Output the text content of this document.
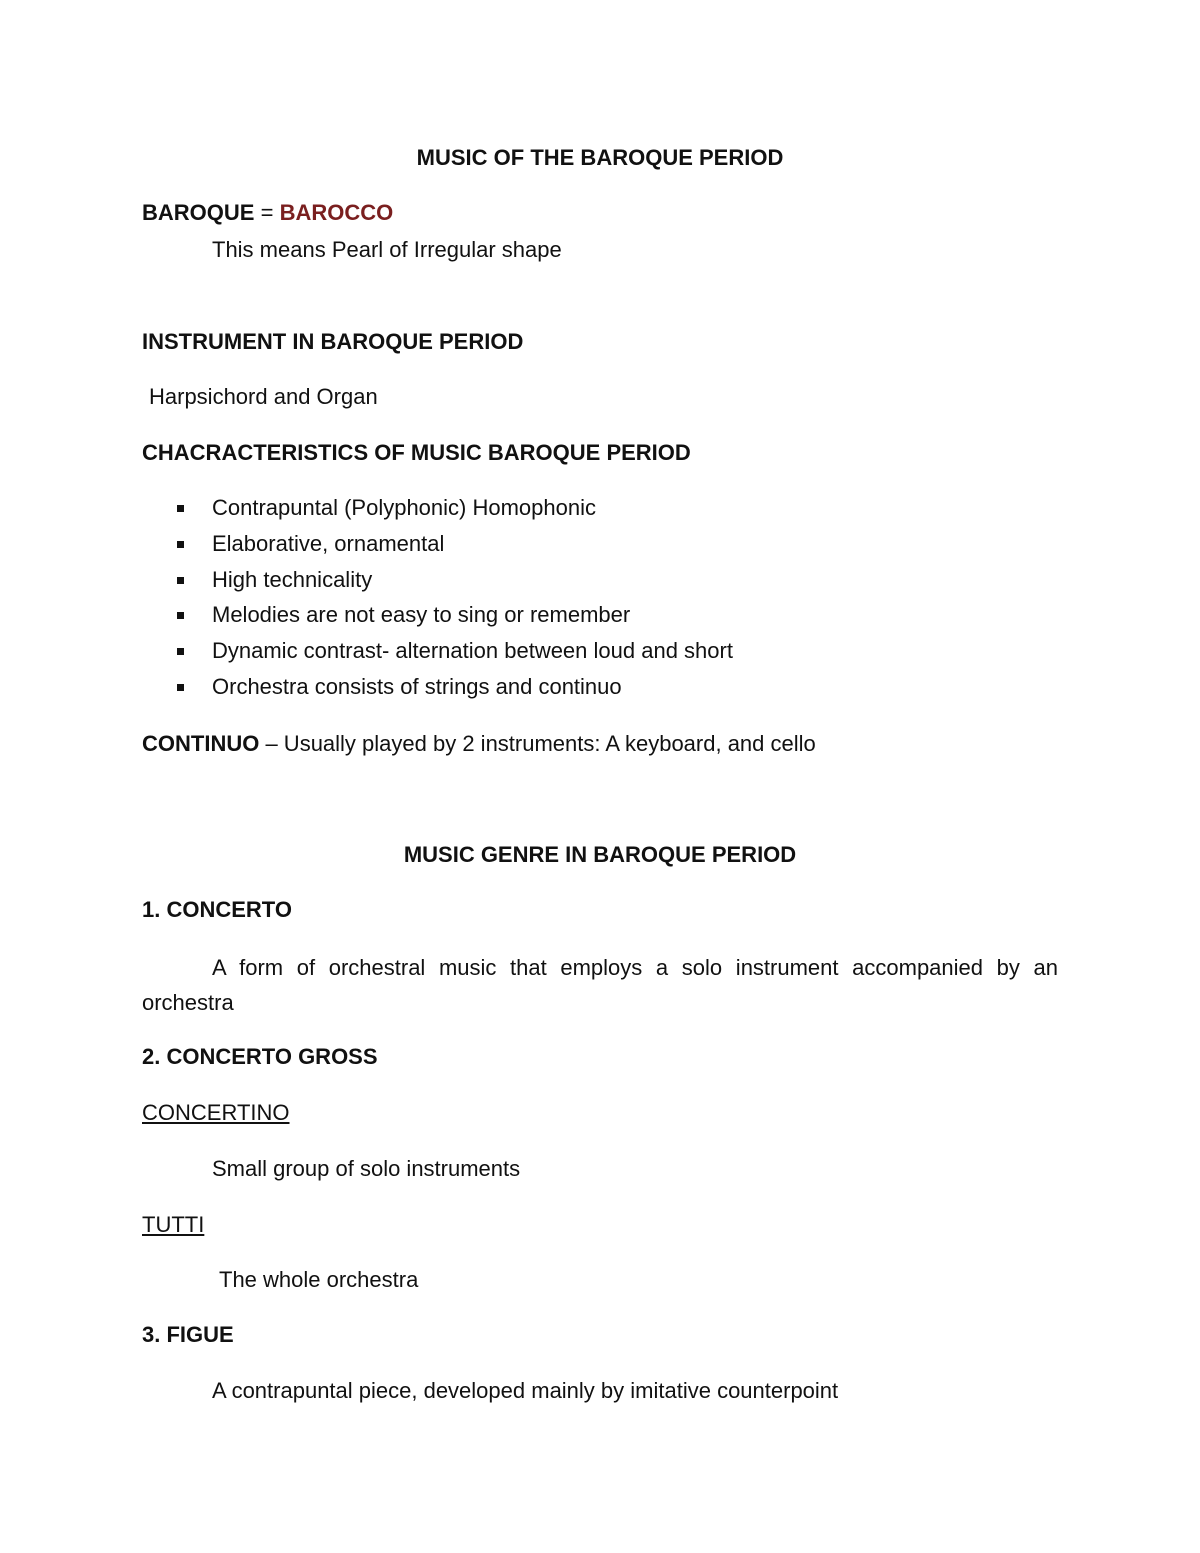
MUSIC OF THE BAROQUE PERIOD
BAROQUE = BAROCCO
This means Pearl of Irregular shape
INSTRUMENT IN BAROQUE PERIOD
Harpsichord and Organ
CHACRACTERISTICS OF MUSIC BAROQUE PERIOD
Contrapuntal (Polyphonic) Homophonic
Elaborative, ornamental
High technicality
Melodies are not easy to sing or remember
Dynamic contrast- alternation between loud and short
Orchestra consists of strings and continuo
CONTINUO – Usually played by 2 instruments: A keyboard, and cello
MUSIC GENRE IN BAROQUE PERIOD
1. CONCERTO
A form of orchestral music that employs a solo instrument accompanied by an orchestra
2. CONCERTO GROSS
CONCERTINO
Small group of solo instruments
TUTTI
The whole orchestra
3. FIGUE
A contrapuntal piece, developed mainly by imitative counterpoint
